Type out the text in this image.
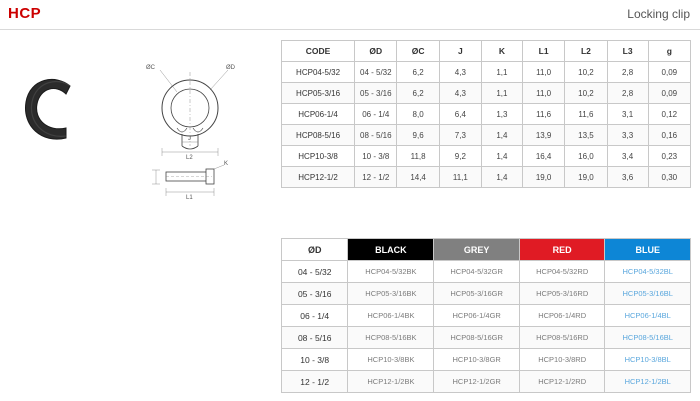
HCP	Locking clip
ØC	ØD
J
L2
K
L1
CODE	ØD	ØC	J	K	L1	L2	L3	g
HCP04-5/32	04 - 5/32	6,2	4,3	1,1	11,0	10,2	2,8	0,09
HCP05-3/16	05 - 3/16	6,2	4,3	1,1	11,0	10,2	2,8	0,09
HCP06-1/4	06 - 1/4	8,0	6,4	1,3	11,6	11,6	3,1	0,12
HCP08-5/16	08 - 5/16	9,6	7,3	1,4	13,9	13,5	3,3	0,16
HCP10-3/8	10 - 3/8	11,8	9,2	1,4	16,4	16,0	3,4	0,23
HCP12-1/2	12 - 1/2	14,4	11,1	1,4	19,0	19,0	3,6	0,30
ØD	BLACK	GREY	RED	BLUE
04 - 5/32	HCP04-5/32BK	HCP04-5/32GR	HCP04-5/32RD	HCP04-5/32BL
05 - 3/16	HCP05-3/16BK	HCP05-3/16GR	HCP05-3/16RD	HCP05-3/16BL
06 - 1/4	HCP06-1/4BK	HCP06-1/4GR	HCP06-1/4RD	HCP06-1/4BL
08 - 5/16	HCP08-5/16BK	HCP08-5/16GR	HCP08-5/16RD	HCP08-5/16BL
10 - 3/8	HCP10-3/8BK	HCP10-3/8GR	HCP10-3/8RD	HCP10-3/8BL
12 - 1/2	HCP12-1/2BK	HCP12-1/2GR	HCP12-1/2RD	HCP12-1/2BL
